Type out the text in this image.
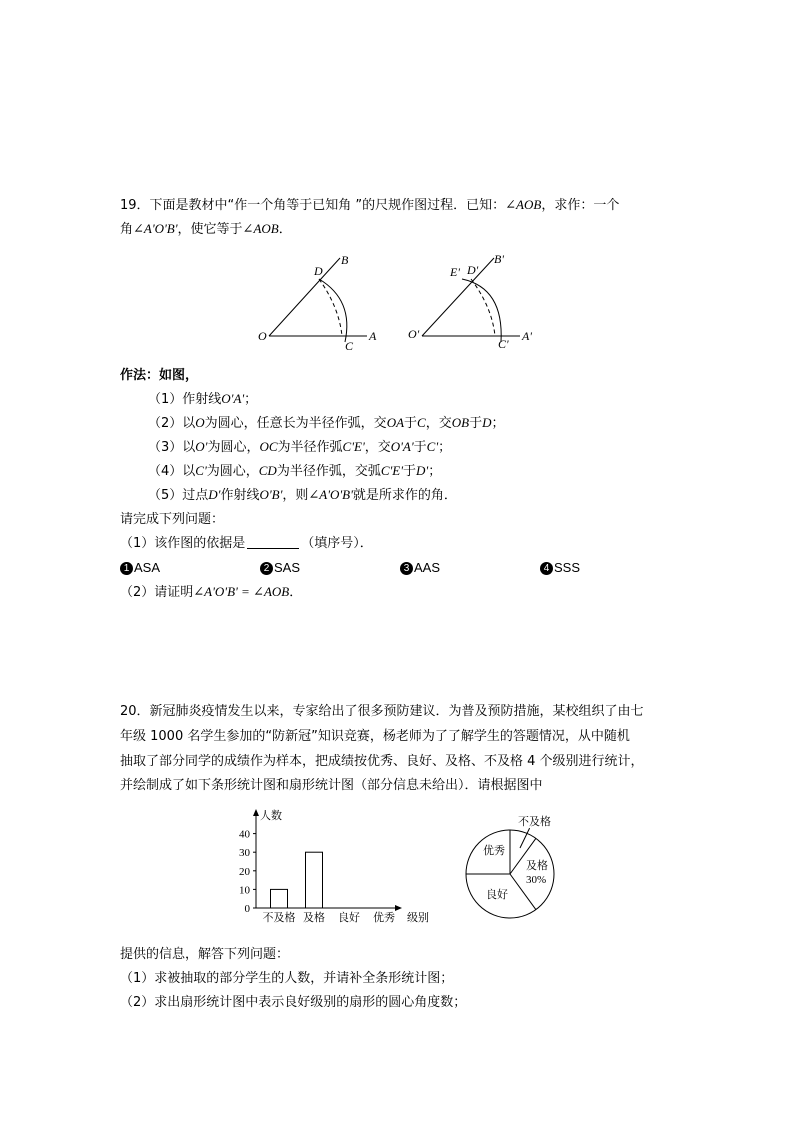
19．下面是教材中“作一个角等于已知角 ”的尺规作图过程．已知：∠AOB，求作：一个
角∠A'O'B'，使它等于∠AOB．
O	A
B
C
D
O'	A'
B'
C'
D'
E'
作法：如图，
（1）作射线O'A'；
（2）以O为圆心，任意长为半径作弧，交OA于C，交OB于D；
（3）以O'为圆心，OC为半径作弧C'E'，交O'A'于C'；
（4）以C'为圆心，CD为半径作弧，交弧C'E'于D'；
（5）过点D'作射线O'B'，则∠A'O'B'就是所求作的角．
请完成下列问题：
（1）该作图的依据是	（填序号）．
1 ASA	2 SAS	3 AAS	4 SSS
（2）请证明∠A'O'B' = ∠AOB．
20．新冠肺炎疫情发生以来，专家给出了很多预防建议．为普及预防措施，某校组织了由七
年级 1000 名学生参加的“防新冠”知识竞赛，杨老师为了了解学生的答题情况，从中随机
抽取了部分同学的成绩作为样本，把成绩按优秀、良好、及格、不及格 4 个级别进行统计，
并绘制成了如下条形统计图和扇形统计图（部分信息未给出）．请根据图中
人数
级别
0
10
20
30
40
不及格 及格 良好 优秀
不及格
及格
30%
良好
优秀
提供的信息，解答下列问题：
（1）求被抽取的部分学生的人数，并请补全条形统计图；
（2）求出扇形统计图中表示良好级别的扇形的圆心角度数；
